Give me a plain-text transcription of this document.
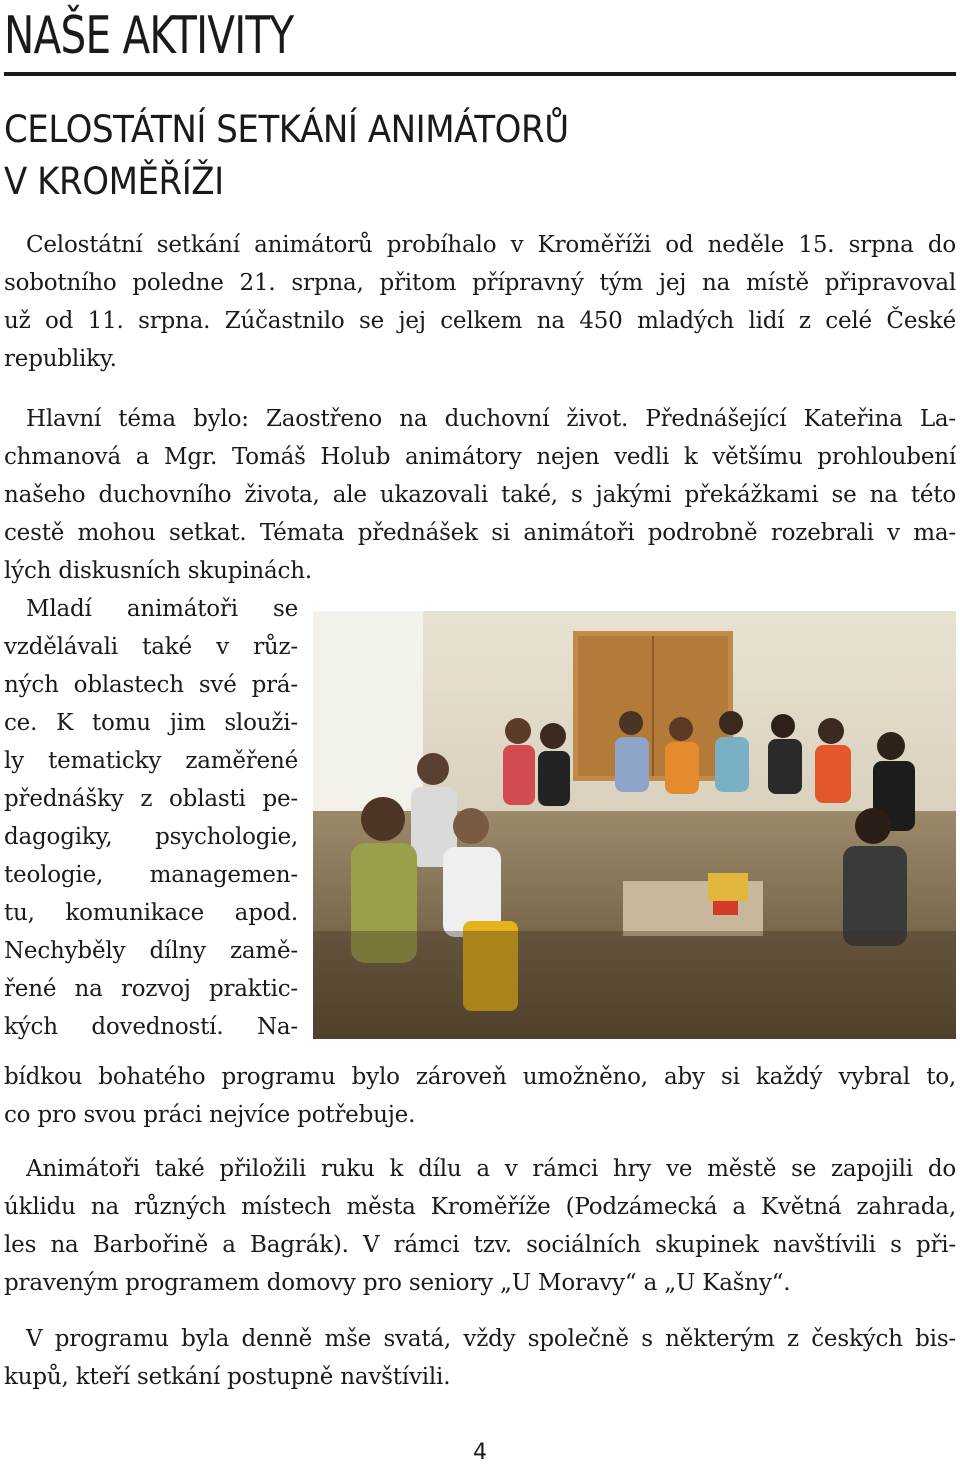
NAŠE AKTIVITY
CELOSTÁTNÍ SETKÁNÍ ANIMÁTORŮ
V KROMĚŘÍŽI

Celostátní setkání animátorů probíhalo v Kroměříži od neděle 15. srpna do
sobotního poledne 21. srpna, přitom přípravný tým jej na místě připravoval
už od 11. srpna. Zúčastnilo se jej celkem na 450 mladých lidí z celé České
republiky.

Hlavní téma bylo: Zaostřeno na duchovní život. Přednášející Kateřina La-
chmanová a Mgr. Tomáš Holub animátory nejen vedli k většímu prohloubení
našeho duchovního života, ale ukazovali také, s jakými překážkami se na této
cestě mohou setkat. Témata přednášek si animátoři podrobně rozebrali v ma-
lých diskusních skupinách.

Mladí animátoři se
vzdělávali také v růz-
ných oblastech své prá-
ce. K tomu jim slouži-
ly tematicky zaměřené
přednášky z oblasti pe-
dagogiky, psychologie,
teologie, managemen-
tu, komunikace apod.
Nechyběly dílny zamě-
řené na rozvoj praktic-
kých dovedností. Na-

bídkou bohatého programu bylo zároveň umožněno, aby si každý vybral to,
co pro svou práci nejvíce potřebuje.

Animátoři také přiložili ruku k dílu a v rámci hry ve městě se zapojili do
úklidu na různých místech města Kroměříže (Podzámecká a Květná zahrada,
les na Barbořině a Bagrák). V rámci tzv. sociálních skupinek navštívili s při-
praveným programem domovy pro seniory „U Moravy“ a „U Kašny“.

V programu byla denně mše svatá, vždy společně s některým z českých bis-
kupů, kteří setkání postupně navštívili.

4
